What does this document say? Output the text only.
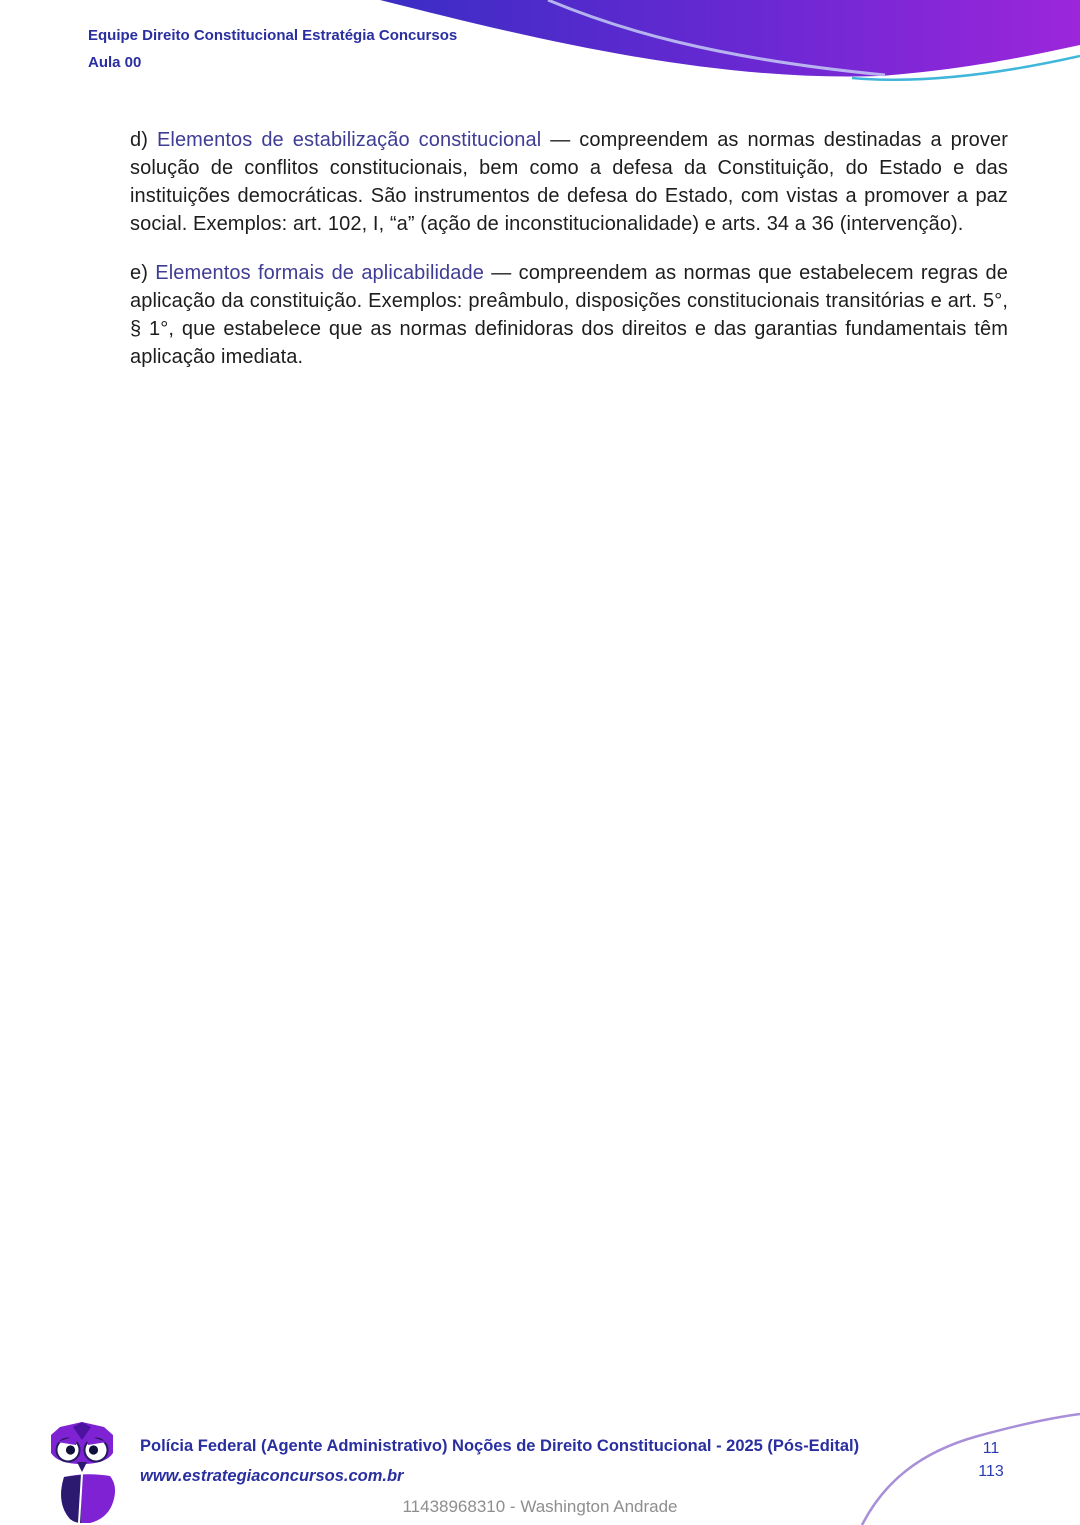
Equipe Direito Constitucional Estratégia Concursos
Aula 00

d) Elementos de estabilização constitucional — compreendem as normas destinadas a prover solução de conflitos constitucionais, bem como a defesa da Constituição, do Estado e das instituições democráticas. São instrumentos de defesa do Estado, com vistas a promover a paz social. Exemplos: art. 102, I, “a” (ação de inconstitucionalidade) e arts. 34 a 36 (intervenção).

e) Elementos formais de aplicabilidade — compreendem as normas que estabelecem regras de aplicação da constituição. Exemplos: preâmbulo, disposições constitucionais transitórias e art. 5°, § 1°, que estabelece que as normas definidoras dos direitos e das garantias fundamentais têm aplicação imediata.

Polícia Federal (Agente Administrativo) Noções de Direito Constitucional - 2025 (Pós-Edital)
www.estrategiaconcursos.com.br
11
113
11438968310 - Washington Andrade
